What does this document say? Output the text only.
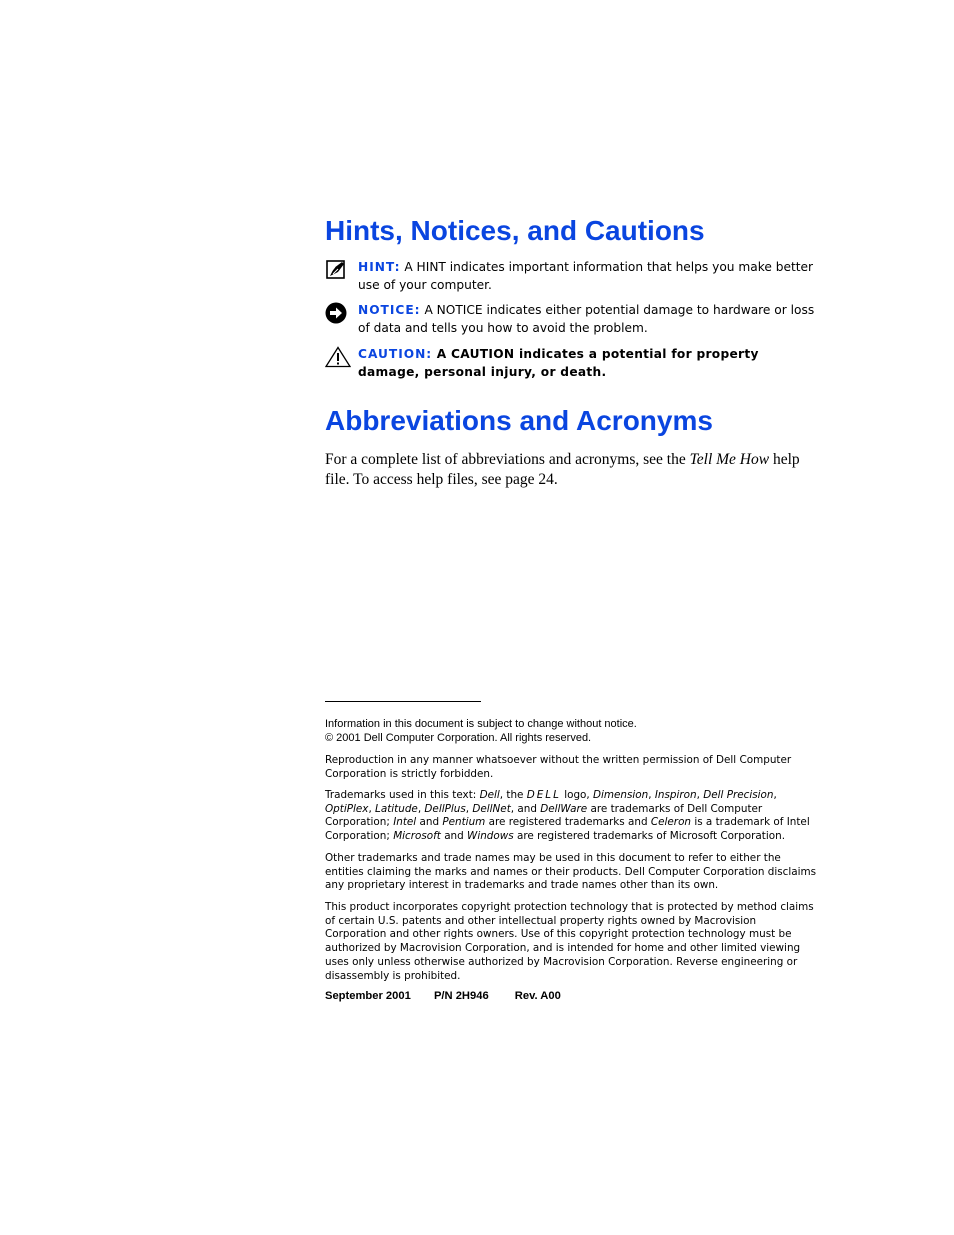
Hints, Notices, and Cautions
HINT: A HINT indicates important information that helps you make better use of your computer.
NOTICE: A NOTICE indicates either potential damage to hardware or loss of data and tells you how to avoid the problem.
CAUTION: A CAUTION indicates a potential for property damage, personal injury, or death.
Abbreviations and Acronyms

For a complete list of abbreviations and acronyms, see the Tell Me How help file. To access help files, see page 24.

Information in this document is subject to change without notice.
© 2001 Dell Computer Corporation. All rights reserved.
Reproduction in any manner whatsoever without the written permission of Dell Computer Corporation is strictly forbidden.
Trademarks used in this text: Dell, the DELL logo, Dimension, Inspiron, Dell Precision, OptiPlex, Latitude, DellPlus, DellNet, and DellWare are trademarks of Dell Computer Corporation; Intel and Pentium are registered trademarks and Celeron is a trademark of Intel Corporation; Microsoft and Windows are registered trademarks of Microsoft Corporation.
Other trademarks and trade names may be used in this document to refer to either the entities claiming the marks and names or their products. Dell Computer Corporation disclaims any proprietary interest in trademarks and trade names other than its own.
This product incorporates copyright protection technology that is protected by method claims of certain U.S. patents and other intellectual property rights owned by Macrovision Corporation and other rights owners. Use of this copyright protection technology must be authorized by Macrovision Corporation, and is intended for home and other limited viewing uses only unless otherwise authorized by Macrovision Corporation. Reverse engineering or disassembly is prohibited.
September 2001 P/N 2H946 Rev. A00
